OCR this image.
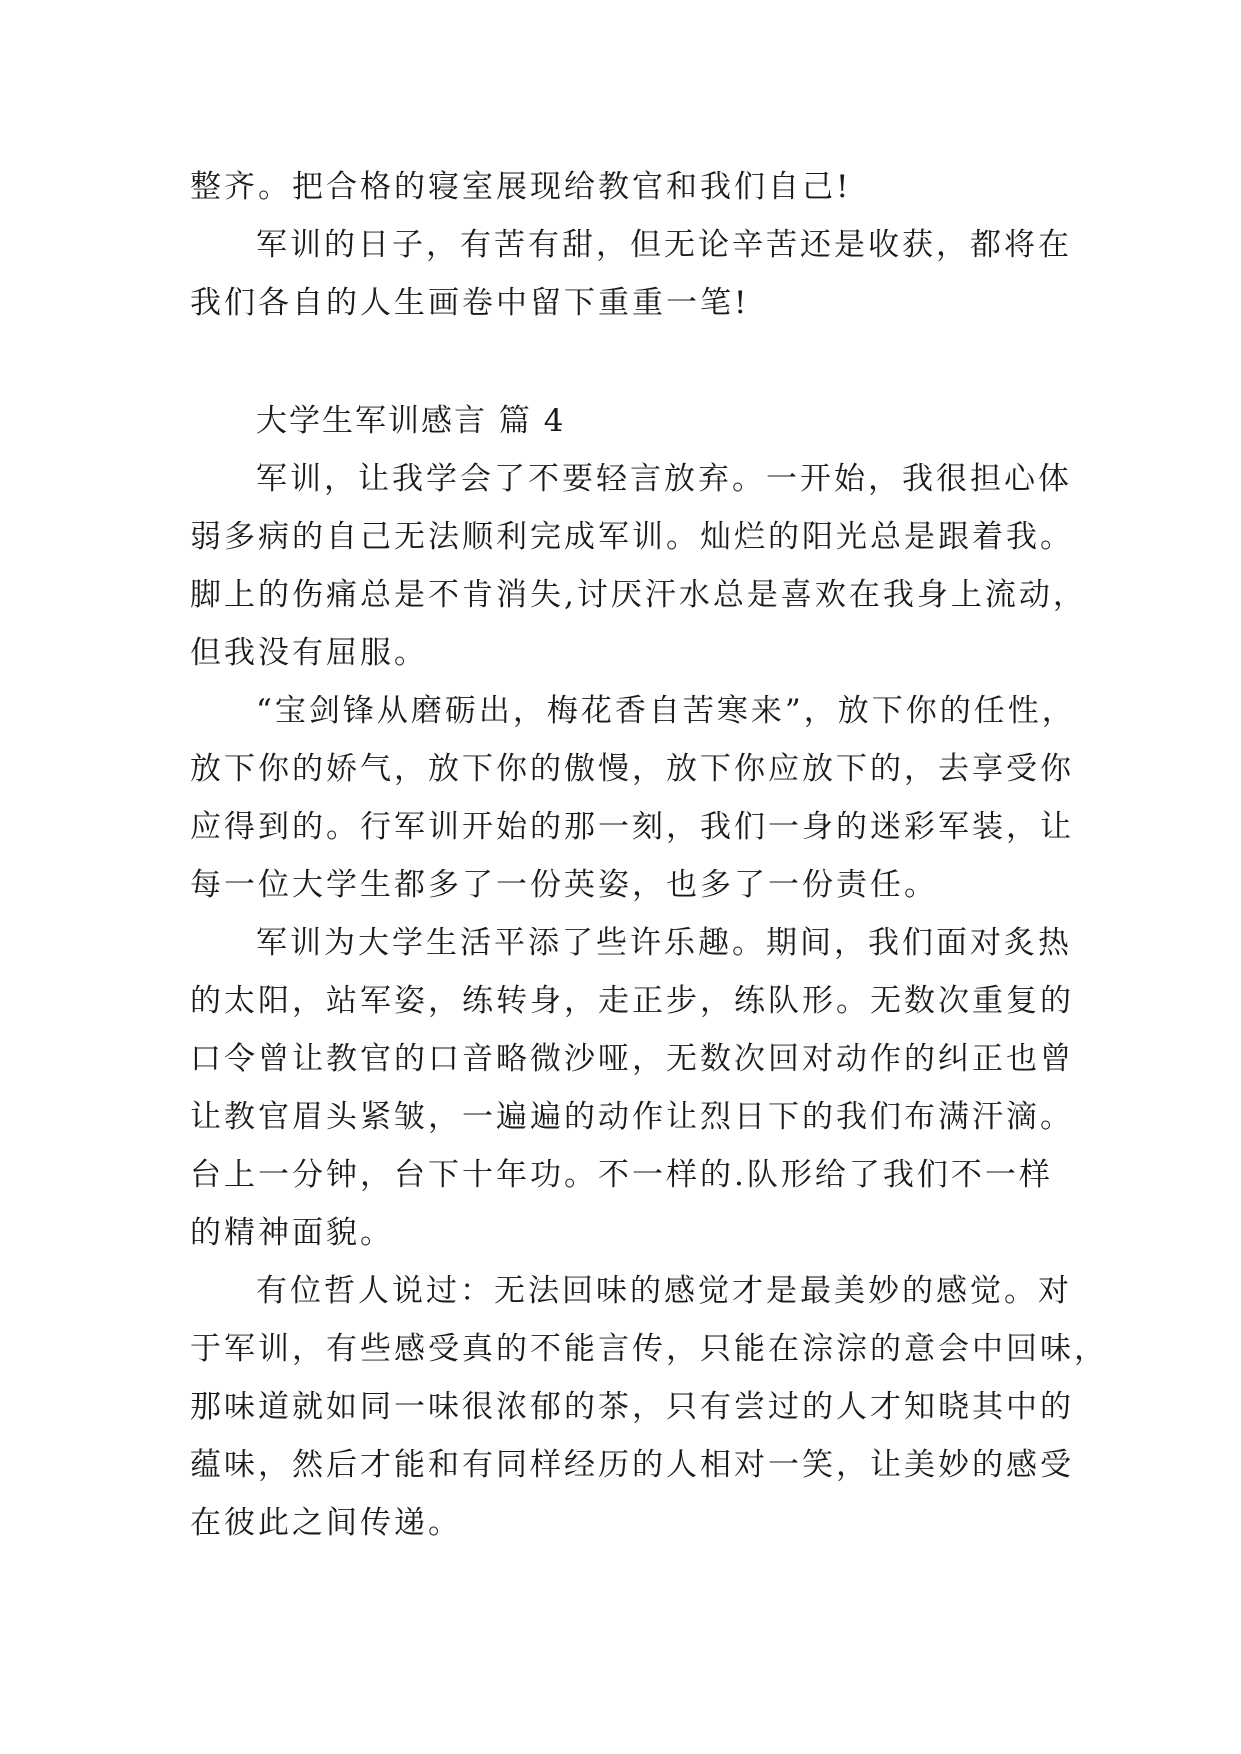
整齐。把合格的寝室展现给教官和我们自己!
军训的日子，有苦有甜，但无论辛苦还是收获，都将在
我们各自的人生画卷中留下重重一笔!
大学生军训感言 篇 4
军训，让我学会了不要轻言放弃。一开始，我很担心体
弱多病的自己无法顺利完成军训。灿烂的阳光总是跟着我。
脚上的伤痛总是不肯消失,讨厌汗水总是喜欢在我身上流动，
但我没有屈服。
“宝剑锋从磨砺出，梅花香自苦寒来”，放下你的任性，
放下你的娇气，放下你的傲慢，放下你应放下的，去享受你
应得到的。行军训开始的那一刻，我们一身的迷彩军装，让
每一位大学生都多了一份英姿，也多了一份责任。
军训为大学生活平添了些许乐趣。期间，我们面对炙热
的太阳，站军姿，练转身，走正步，练队形。无数次重复的
口令曾让教官的口音略微沙哑，无数次回对动作的纠正也曾
让教官眉头紧皱，一遍遍的动作让烈日下的我们布满汗滴。
台上一分钟，台下十年功。不一样的.队形给了我们不一样
的精神面貌。
有位哲人说过：无法回味的感觉才是最美妙的感觉。对
于军训，有些感受真的不能言传，只能在淙淙的意会中回味，
那味道就如同一味很浓郁的茶，只有尝过的人才知晓其中的
蕴味，然后才能和有同样经历的人相对一笑，让美妙的感受
在彼此之间传递。
